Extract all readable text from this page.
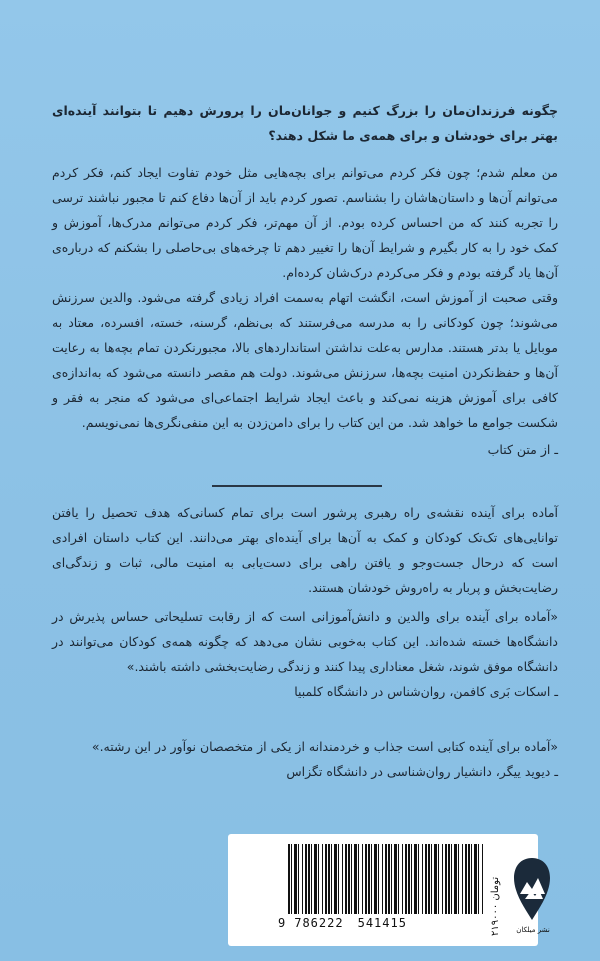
چگونه فرزندان‌مان را بزرگ کنیم و جوانان‌مان را پرورش دهیم تا بتوانند آینده‌ای بهتر برای خودشان و برای همه‌ی ما شکل دهند؟

من معلم شدم؛ چون فکر کردم می‌توانم برای بچه‌هایی مثل خودم تفاوت ایجاد کنم، فکر کردم می‌توانم آن‌ها و داستان‌هاشان را بشناسم. تصور کردم باید از آن‌ها دفاع کنم تا مجبور نباشند ترسی را تجربه کنند که من احساس کرده بودم. از آن مهم‌تر، فکر کردم می‌توانم مدرک‌ها، آموزش و کمک خود را به کار بگیرم و شرایط آن‌ها را تغییر دهم تا چرخه‌های بی‌حاصلی را بشکنم که درباره‌ی آن‌ها یاد گرفته بودم و فکر می‌کردم درک‌شان کرده‌ام.

وقتی صحبت از آموزش است، انگشت اتهام به‌سمت افراد زیادی گرفته می‌شود. والدین سرزنش می‌شوند؛ چون کودکانی را به مدرسه می‌فرستند که بی‌نظم، گرسنه، خسته، افسرده، معتاد به موبایل یا بدتر هستند. مدارس به‌علت نداشتن استانداردهای بالا، مجبورنکردن تمام بچه‌ها به رعایت آن‌ها و حفظ‌نکردن امنیت بچه‌ها، سرزنش می‌شوند. دولت هم مقصر دانسته می‌شود که به‌اندازه‌ی کافی برای آموزش هزینه نمی‌کند و باعث ایجاد شرایط اجتماعی‌ای می‌شود که منجر به فقر و شکست جوامع ما خواهد شد. من این کتاب را برای دامن‌زدن به این منفی‌نگری‌ها نمی‌نویسم.

ـ از متن کتاب

آماده برای آینده نقشه‌ی راه رهبری پرشور است برای تمام کسانی‌که هدف تحصیل را یافتن توانایی‌های تک‌تک کودکان و کمک به آن‌ها برای آینده‌ای بهتر می‌دانند. این کتاب داستان افرادی است که در‌حال جست‌وجو و یافتن راهی برای دست‌یابی به امنیت مالی، ثبات و زندگی‌ای رضایت‌بخش و پربار به راه‌روش خودشان هستند.

«آماده برای آینده برای والدین و دانش‌آموزانی است که از رقابت تسلیحاتی حساس پذیرش در دانشگاه‌ها خسته شده‌اند. این کتاب به‌خوبی نشان می‌دهد که چگونه همه‌ی کودکان می‌توانند در دانشگاه موفق شوند، شغل معناداری پیدا کنند و زندگی رضایت‌بخشی داشته باشند.»

ـ اسکات بَری کافمن، روان‌شناس در دانشگاه کلمبیا

«آماده برای آینده کتابی است جذاب و خردمندانه از یکی از متخصصان نوآور در این رشته.»

ـ دیوید ییگر، دانشیار روان‌شناسی در دانشگاه تگزاس
9 786222 541415	۲۱۹۰۰۰ تومان
نشر میلکان
